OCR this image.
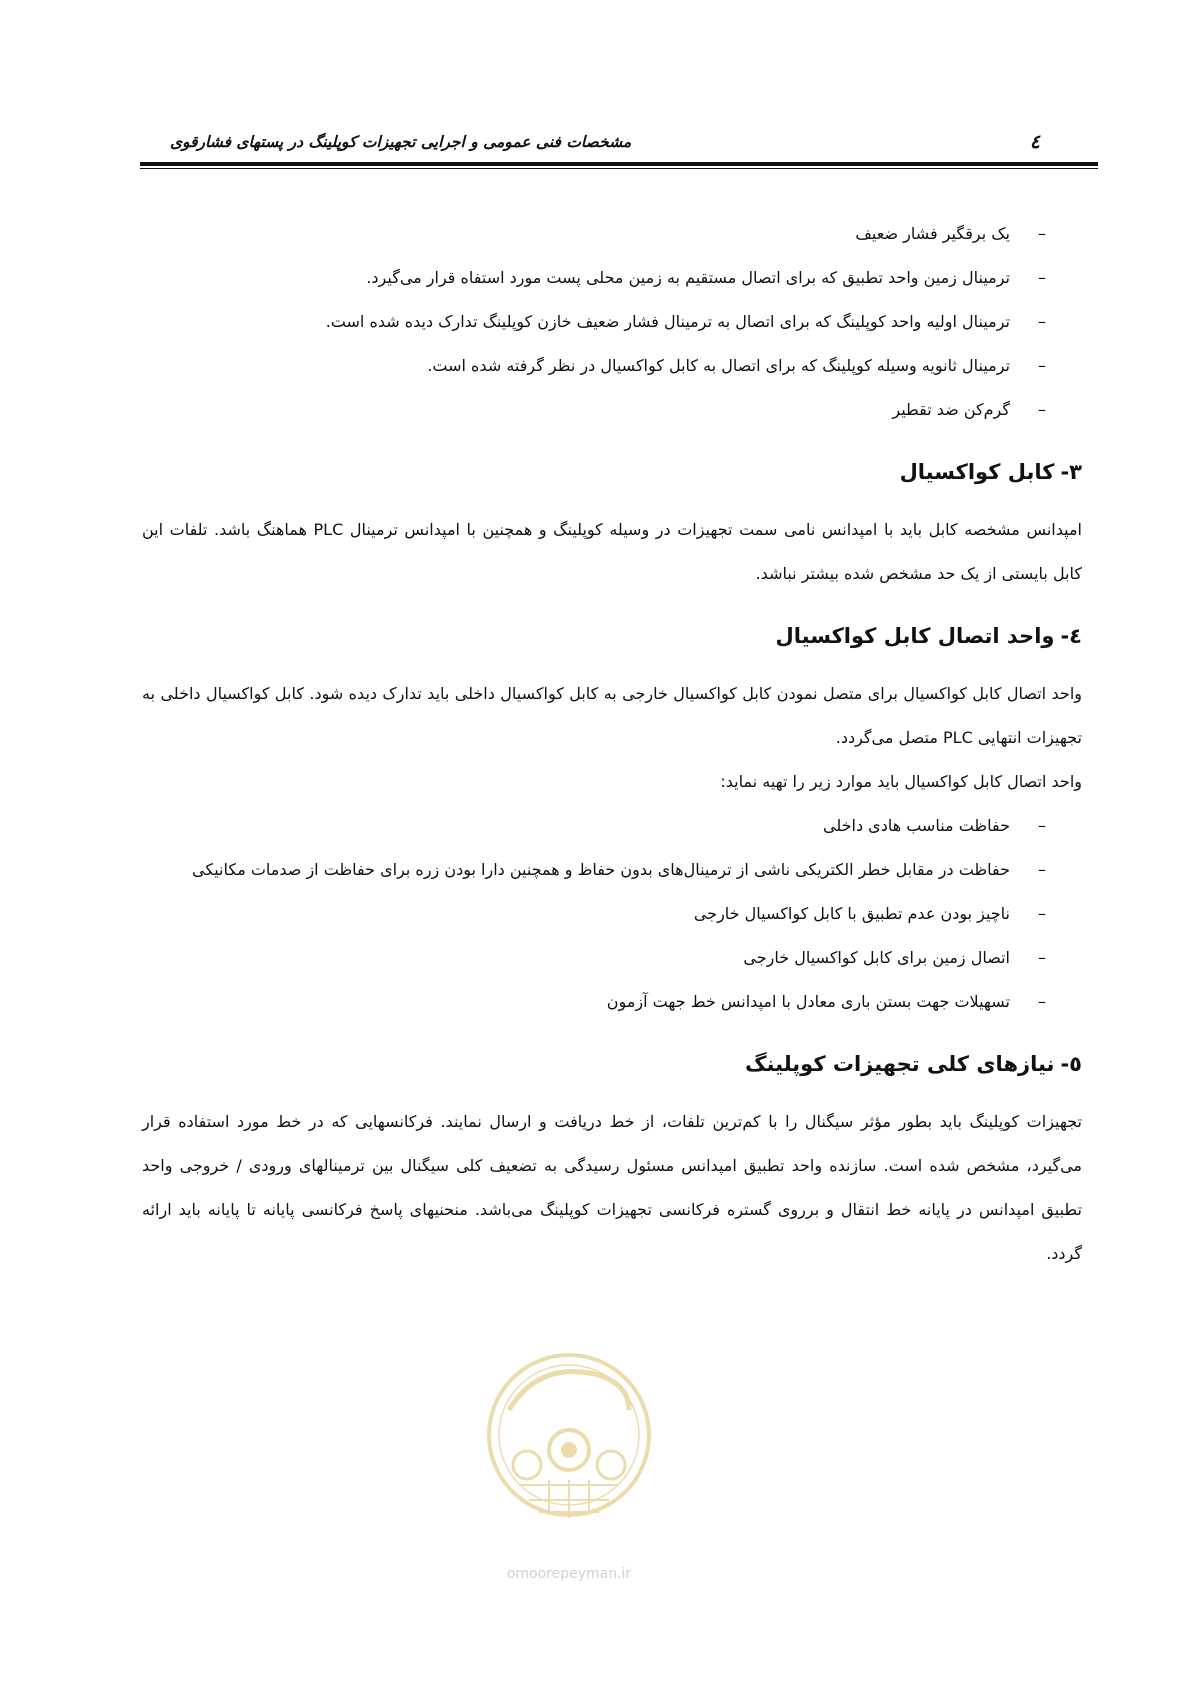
٤
مشخصات فنی عمومی و اجرایی تجهیزات کوپلینگ در پستهای فشارقوی
–
یک برقگیر فشار ضعیف
–
ترمینال زمین واحد تطبیق که برای اتصال مستقیم به زمین محلی پست مورد استفاه قرار می‌گیرد.
–
ترمینال اولیه واحد کوپلینگ که برای اتصال به ترمینال فشار ضعیف خازن کوپلینگ تدارک دیده شده است.
–
ترمینال ثانویه وسیله کوپلینگ که برای اتصال به کابل کواکسیال در نظر گرفته شده است.
–
گرم‌کن ضد تقطیر
۳-کابل کواکسیال

امپدانس مشخصه کابل باید با امپدانس نامی سمت تجهیزات در وسیله کوپلینگ و همچنین با امپدانس ترمینال PLC هماهنگ باشد. تلفات این کابل بایستی از یک حد مشخص شده بیشتر نباشد.

٤-واحد اتصال کابل کواکسیال

واحد اتصال کابل کواکسیال برای متصل نمودن کابل کواکسیال خارجی به کابل کواکسیال داخلی باید تدارک دیده شود. کابل کواکسیال داخلی به تجهیزات انتهایی PLC متصل می‌گردد.

واحد اتصال کابل کواکسیال باید موارد زیر را تهیه نماید:

–
حفاظت مناسب هادی داخلی
–
حفاظت در مقابل خطر الکتریکی ناشی از ترمینال‌های بدون حفاظ و همچنین دارا بودن زره برای حفاظت از صدمات مکانیکی
–
ناچیز بودن عدم تطبیق با کابل کواکسیال خارجی
–
اتصال زمین برای کابل کواکسیال خارجی
–
تسهیلات جهت بستن باری معادل با امپدانس خط جهت آزمون
٥-نیازهای کلی تجهیزات کوپلینگ

تجهیزات کوپلینگ باید بطور مؤثر سیگنال را با کم‌ترین تلفات، از خط دریافت و ارسال نمایند. فرکانسهایی که در خط مورد استفاده قرار می‌گیرد، مشخص شده است. سازنده واحد تطبیق امپدانس مسئول رسیدگی به تضعیف کلی سیگنال بین ترمینالهای ورودی / خروجی واحد تطبیق امپدانس در پایانه خط انتقال و برروی گستره فرکانسی تجهیزات کوپلینگ می‌باشد. منحنیهای پاسخ فرکانسی پایانه تا پایانه باید ارائه گردد.

omoorepeyman.ir
